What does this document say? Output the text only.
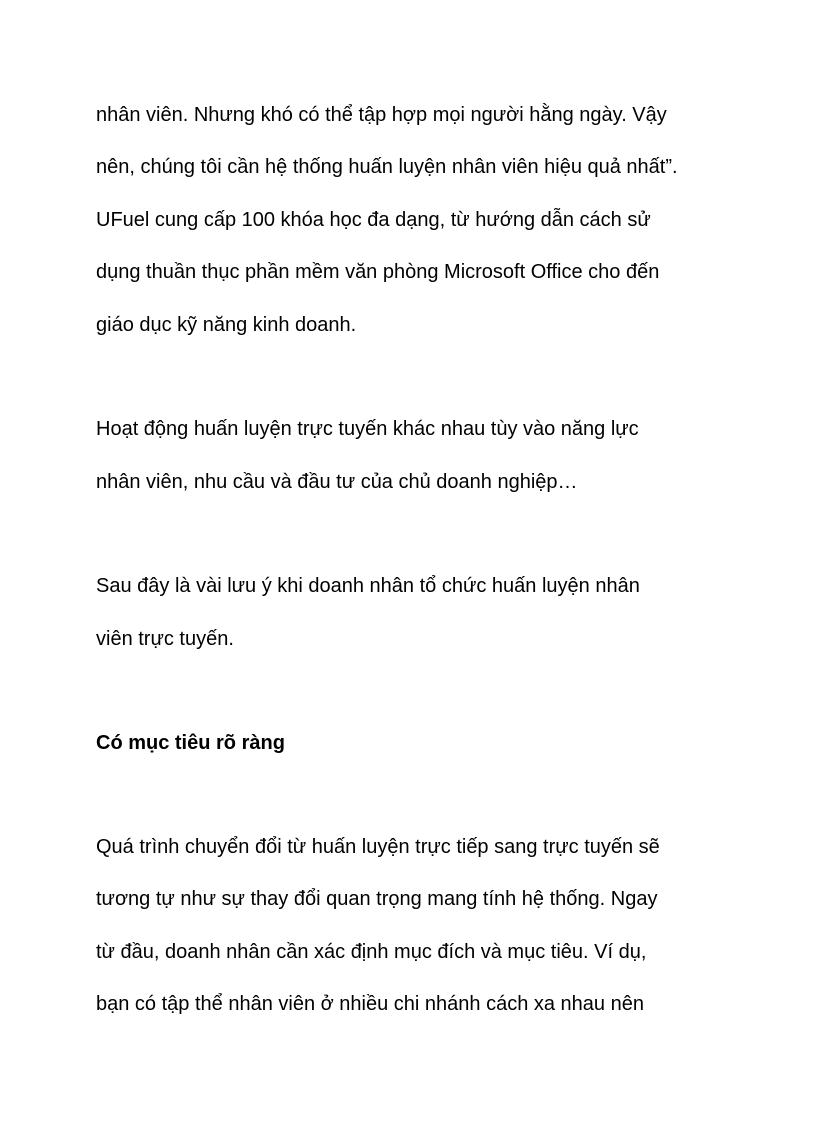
nhân viên. Nhưng khó có thể tập hợp mọi người hằng ngày. Vậy

nên, chúng tôi cần hệ thống huấn luyện nhân viên hiệu quả nhất”.

UFuel cung cấp 100 khóa học đa dạng, từ hướng dẫn cách sử

dụng thuần thục phần mềm văn phòng Microsoft Office cho đến

giáo dục kỹ năng kinh doanh.

Hoạt động huấn luyện trực tuyến khác nhau tùy vào năng lực

nhân viên, nhu cầu và đầu tư của chủ doanh nghiệp…

Sau đây là vài lưu ý khi doanh nhân tổ chức huấn luyện nhân

viên trực tuyến.

Có mục tiêu rõ ràng

Quá trình chuyển đổi từ huấn luyện trực tiếp sang trực tuyến sẽ

tương tự như sự thay đổi quan trọng mang tính hệ thống. Ngay

từ đầu, doanh nhân cần xác định mục đích và mục tiêu. Ví dụ,

bạn có tập thể nhân viên ở nhiều chi nhánh cách xa nhau nên
